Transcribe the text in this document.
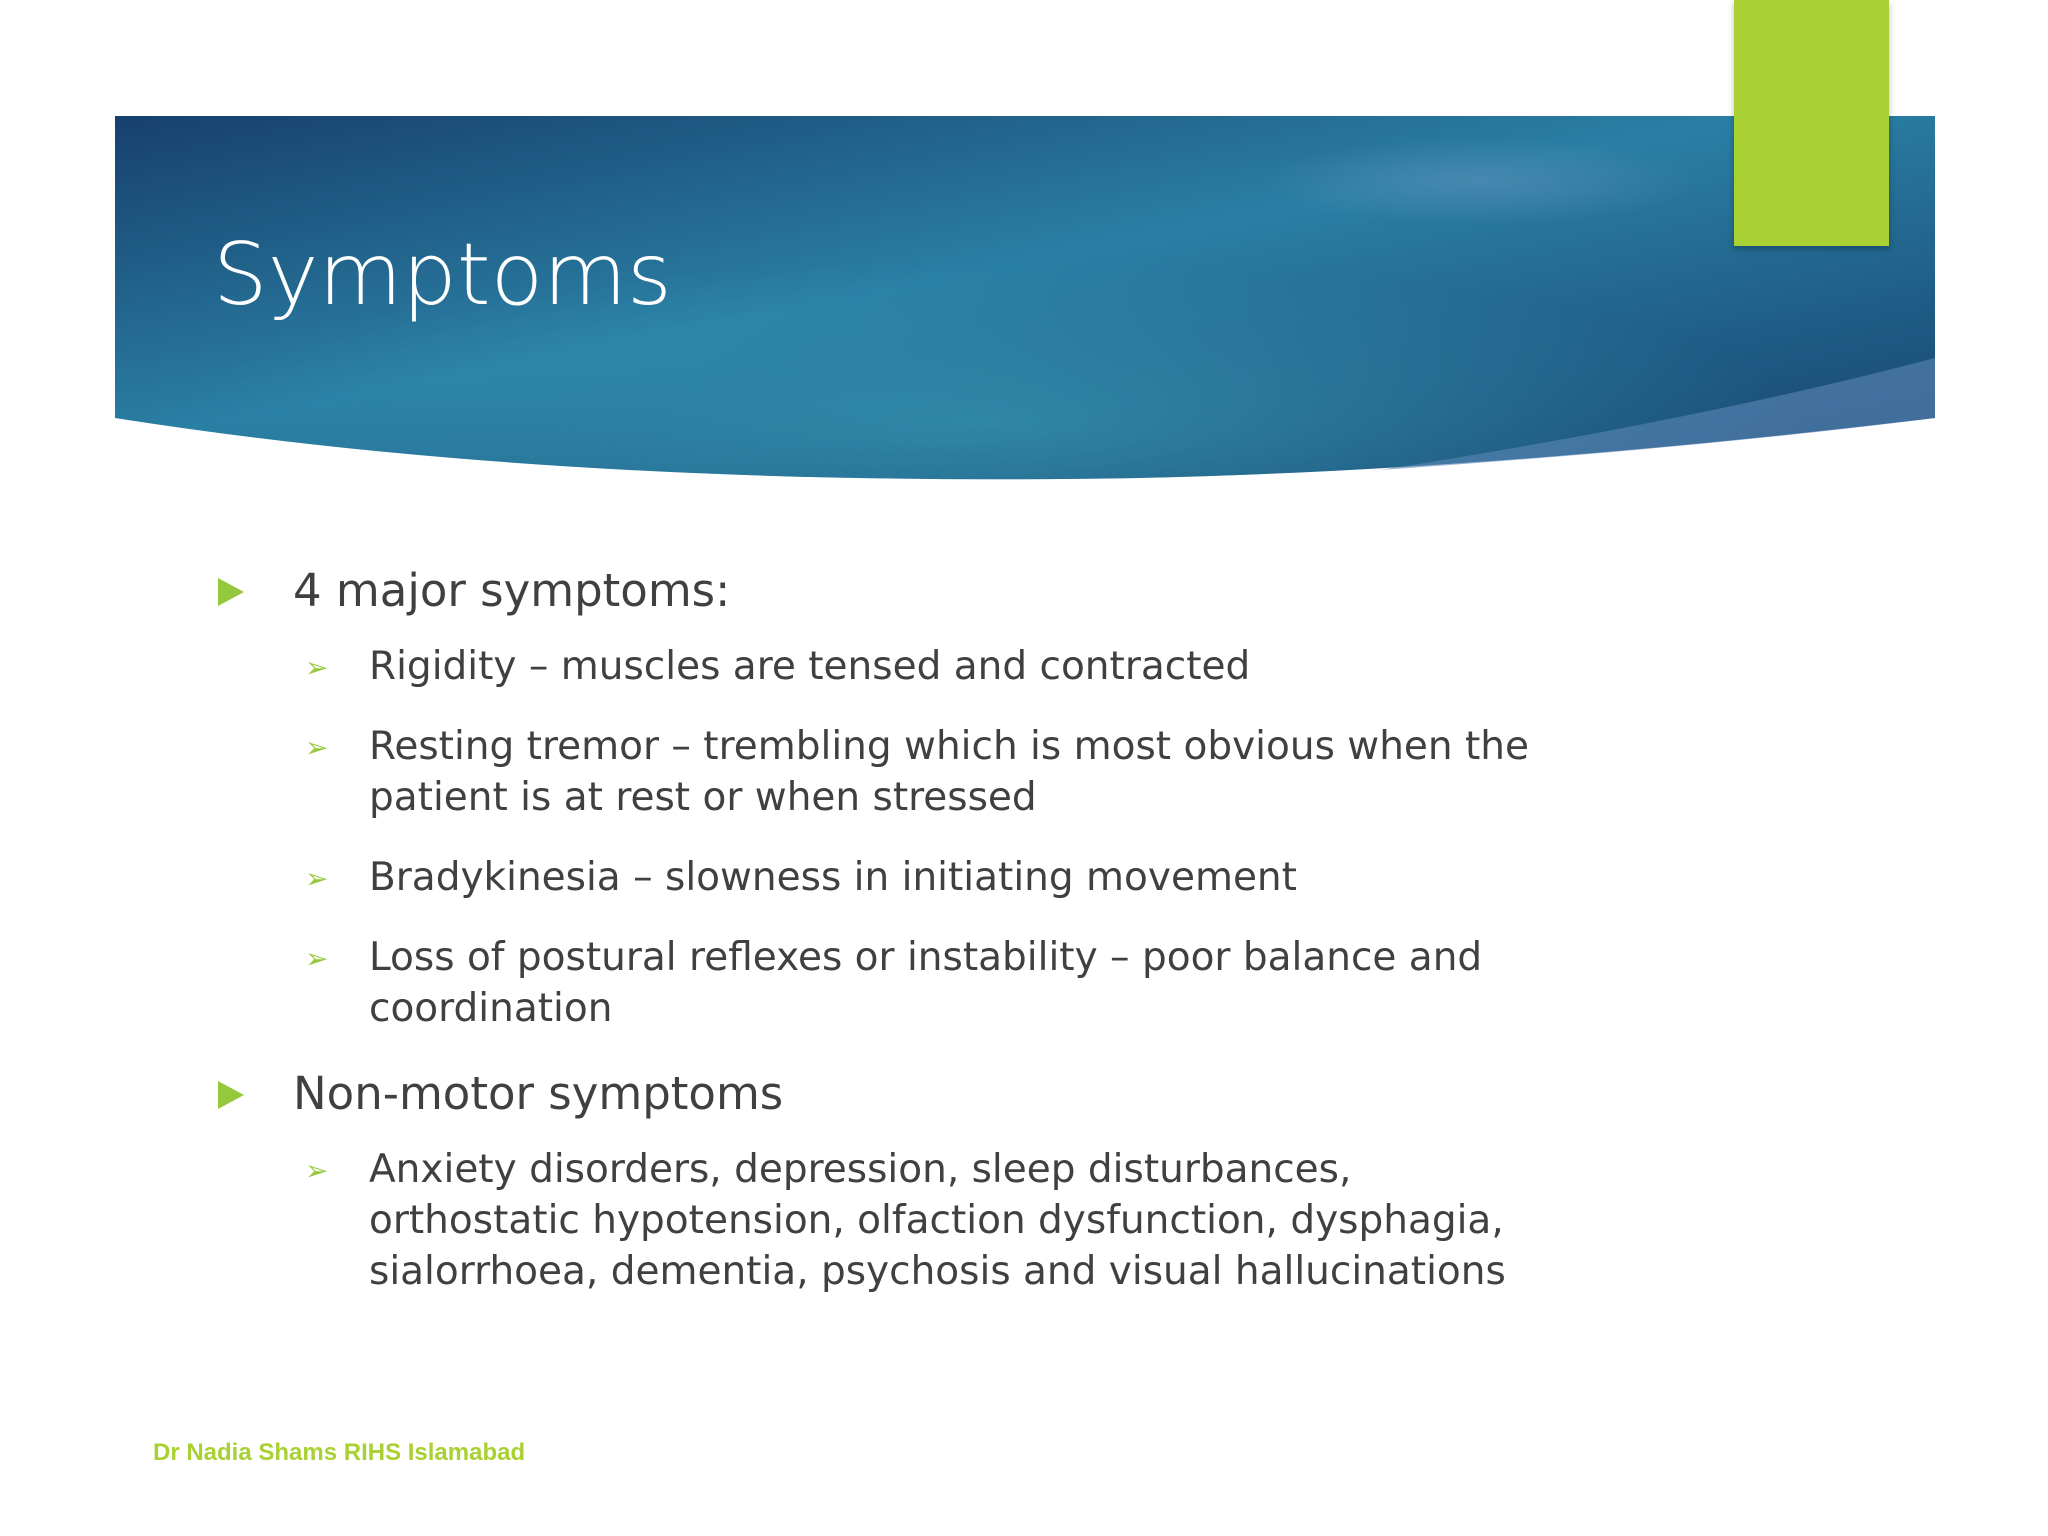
Symptoms
4 major symptoms:
➢ Rigidity – muscles are tensed and contracted
➢ Resting tremor – trembling which is most obvious when the
patient is at rest or when stressed
➢ Bradykinesia – slowness in initiating movement
➢ Loss of postural reflexes or instability – poor balance and
coordination
Non-motor symptoms
➢ Anxiety disorders, depression, sleep disturbances,
orthostatic hypotension, olfaction dysfunction, dysphagia,
sialorrhoea, dementia, psychosis and visual hallucinations
Dr Nadia Shams RIHS Islamabad
